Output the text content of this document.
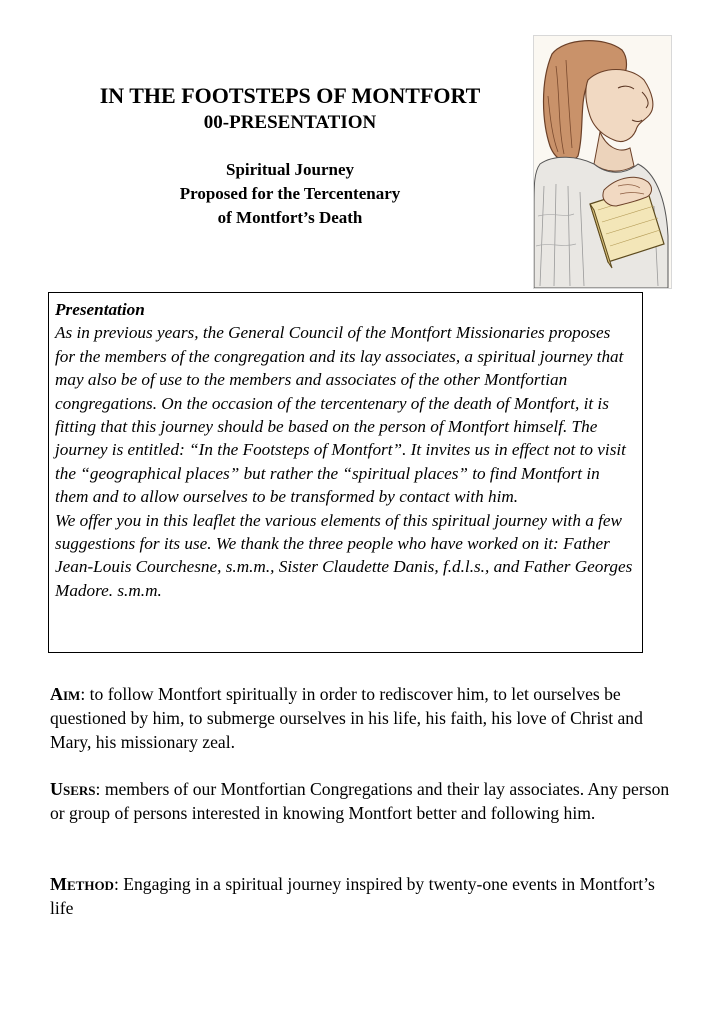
IN THE FOOTSTEPS OF MONTFORT
00-PRESENTATION

Spiritual Journey

Proposed for the Tercentenary

of Montfort’s Death

Presentation

As in previous years, the General Council of the Montfort Missionaries proposes for the members of the congregation and its lay associates, a spiritual journey that may also be of use to the members and associates of the other Montfortian congregations. On the occasion of the tercentenary of the death of Montfort, it is fitting that this journey should be based on the person of Montfort himself. The journey is entitled: “In the Footsteps of Montfort”. It invites us in effect not to visit the “geographical places” but rather the “spiritual places” to find Montfort in them and to allow ourselves to be transformed by contact with him.

We offer you in this leaflet the various elements of this spiritual journey with a few suggestions for its use. We thank the three people who have worked on it: Father Jean-Louis Courchesne, s.m.m., Sister Claudette Danis, f.d.l.s., and Father Georges Madore. s.m.m.

Aim: to follow Montfort spiritually in order to rediscover him, to let ourselves be questioned by him, to submerge ourselves in his life, his faith, his love of Christ and Mary, his missionary zeal.

Users: members of our Montfortian Congregations and their lay associates. Any person or group of persons interested in knowing Montfort better and following him.

Method: Engaging in a spiritual journey inspired by twenty-one events in Montfort’s life
